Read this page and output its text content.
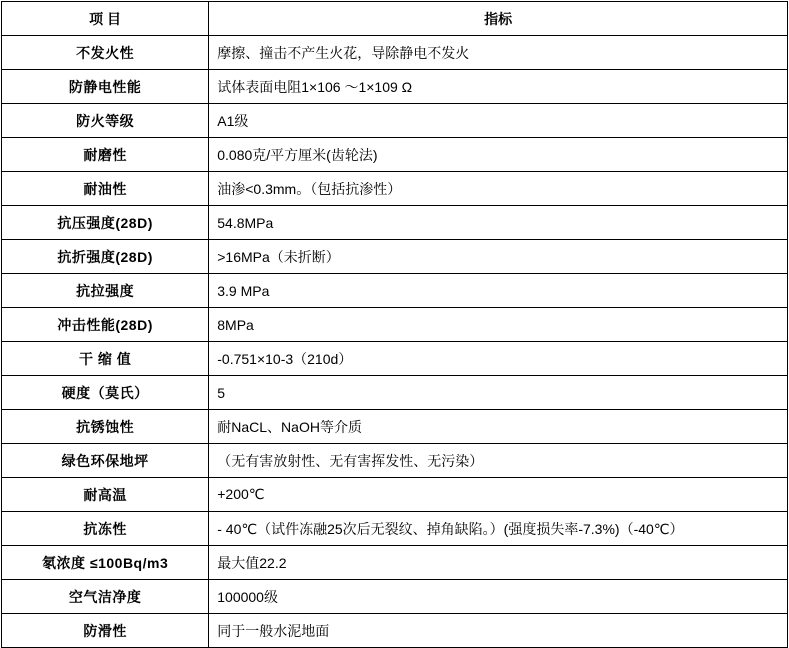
项 目	指标
不发火性	摩擦、撞击不产生火花，导除静电不发火
防静电性能	试体表面电阻1×106 ～1×109 Ω
防火等级	A1级
耐磨性	0.080克/平方厘米(齿轮法)
耐油性	油渗<0.3mm。（包括抗渗性）
抗压强度(28D)	54.8MPa
抗折强度(28D)	>16MPa（未折断）
抗拉强度	3.9 MPa
冲击性能(28D)	8MPa
干 缩 值	-0.751×10-3（210d）
硬度（莫氏）	5
抗锈蚀性	耐NaCL、NaOH等介质
绿色环保地坪	（无有害放射性、无有害挥发性、无污染）
耐高温	+200℃
抗冻性	‐ 40℃（试件冻融25次后无裂纹、掉角缺陷。）(强度损失率-7.3%)（-40℃）
氡浓度 ≤100Bq/m3	最大值22.2
空气洁净度	100000级
防滑性	同于一般水泥地面
